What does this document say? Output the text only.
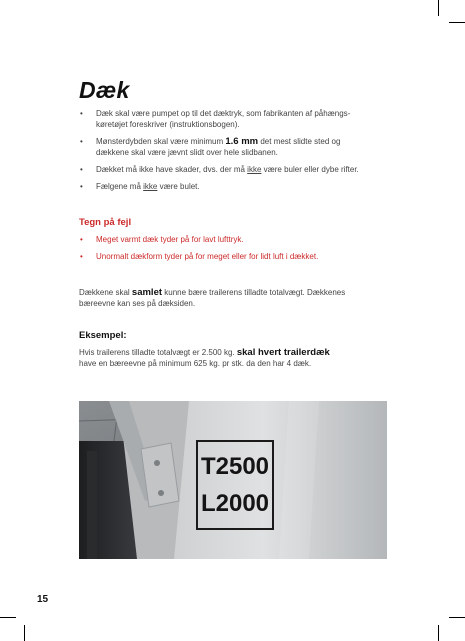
Dæk
• Dæk skal være pumpet op til det dæktryk, som fabrikanten af påhængs-
køretøjet foreskriver (instruktionsbogen).
• Mønsterdybden skal være minimum 1.6 mm det mest slidte sted og
dækkene skal være jævnt slidt over hele slidbanen.
• Dækket må ikke have skader, dvs. der må ikke være buler eller dybe rifter.
• Fælgene må ikke være bulet.

Tegn på fejl

• Meget varmt dæk tyder på for lavt lufttryk.
• Unormalt dækform tyder på for meget eller for lidt luft i dækket.

Dækkene skal samlet kunne bære trailerens tilladte totalvægt. Dækkenes
bæreevne kan ses på dæksiden.

Eksempel:

Hvis trailerens tilladte totalvægt er 2.500 kg. skal hvert trailerdæk
have en bæreevne på minimum 625 kg. pr stk. da den har 4 dæk.

T2500
L2000
15
